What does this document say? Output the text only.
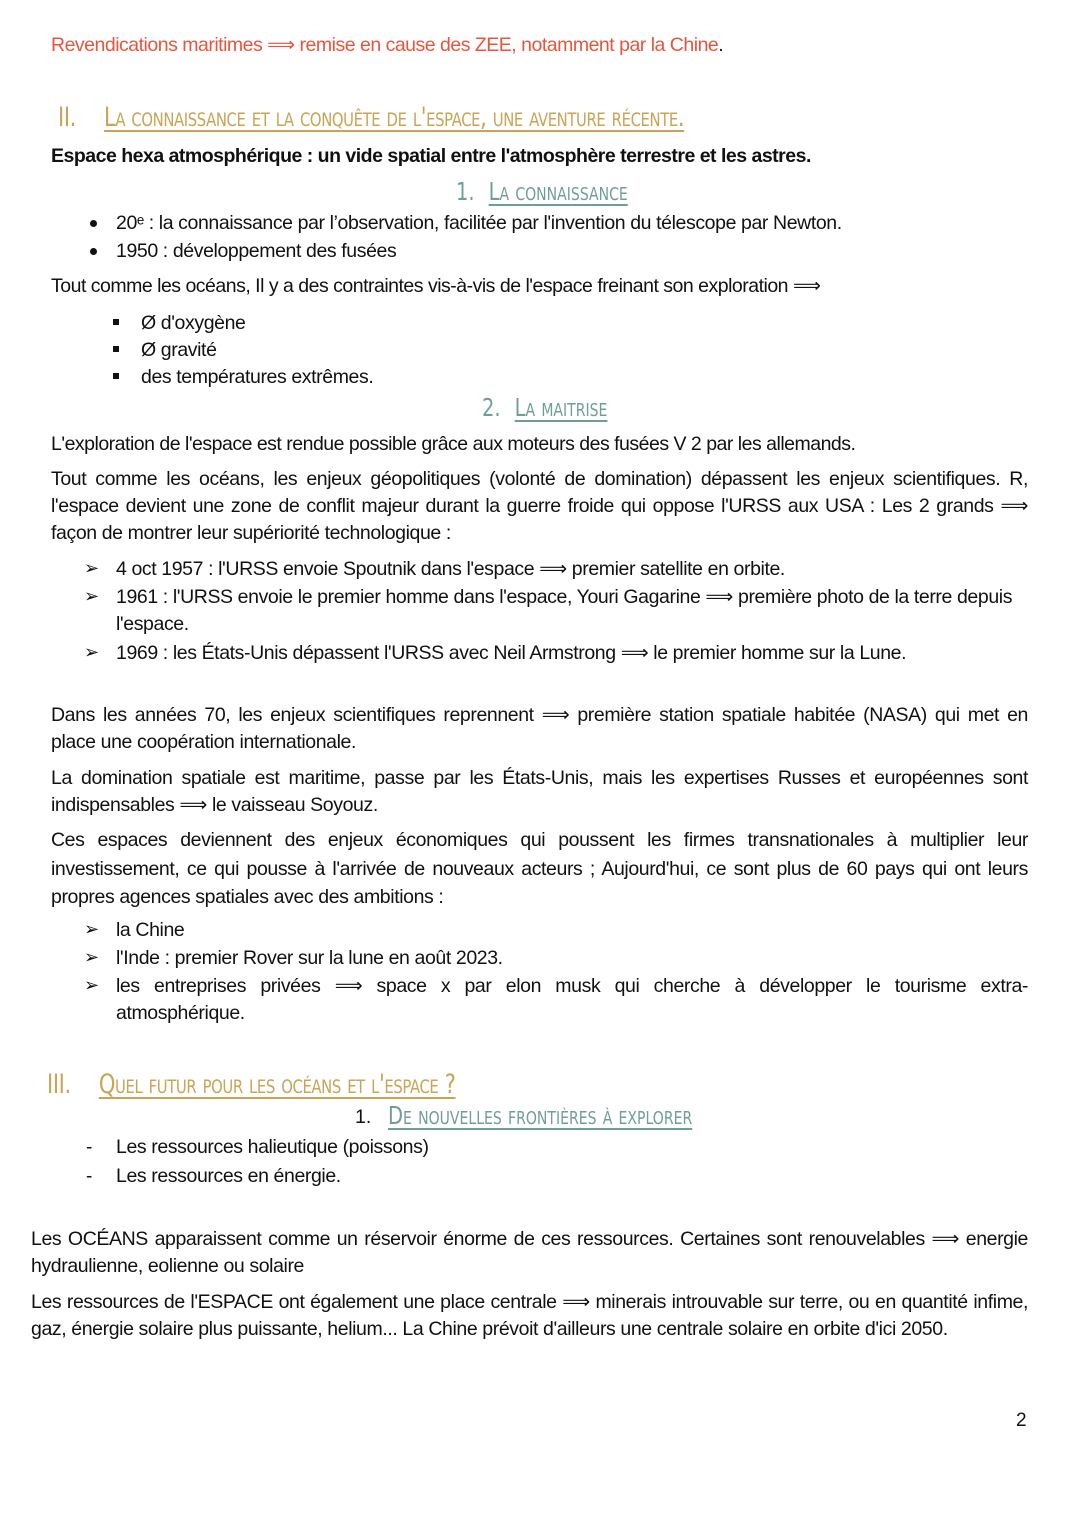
Revendications maritimes ⟹ remise en cause des ZEE, notamment par la Chine.
II. La connaissance et la conquête de l'espace, une aventure récente.
Espace hexa atmosphérique : un vide spatial entre l'atmosphère terrestre et les astres.
1. La connaissance
20ᵉ : la connaissance par l’observation, facilitée par l'invention du télescope par Newton.
1950 : développement des fusées
Tout comme les océans, Il y a des contraintes vis-à-vis de l'espace freinant son exploration ⟹
Ø d'oxygène
Ø gravité
des températures extrêmes.
2. La maitrise
L'exploration de l'espace est rendue possible grâce aux moteurs des fusées V 2 par les allemands.
Tout comme les océans, les enjeux géopolitiques (volonté de domination) dépassent les enjeux scientifiques. R, l'espace devient une zone de conflit majeur durant la guerre froide qui oppose l'URSS aux USA : Les 2 grands ⟹ façon de montrer leur supériorité technologique :
➢ 4 oct 1957 : l'URSS envoie Spoutnik dans l'espace ⟹ premier satellite en orbite.
➢ 1961 : l'URSS envoie le premier homme dans l'espace, Youri Gagarine ⟹ première photo de la terre depuis l'espace.
➢ 1969 : les États-Unis dépassent l'URSS avec Neil Armstrong ⟹ le premier homme sur la Lune.
Dans les années 70, les enjeux scientifiques reprennent ⟹ première station spatiale habitée (NASA) qui met en place une coopération internationale.
La domination spatiale est maritime, passe par les États-Unis, mais les expertises Russes et européennes sont indispensables ⟹ le vaisseau Soyouz.
Ces espaces deviennent des enjeux économiques qui poussent les firmes transnationales à multiplier leur investissement, ce qui pousse à l'arrivée de nouveaux acteurs ; Aujourd'hui, ce sont plus de 60 pays qui ont leurs propres agences spatiales avec des ambitions :
➢ la Chine
➢ l'Inde : premier Rover sur la lune en août 2023.
➢ les entreprises privées ⟹ space x par elon musk qui cherche à développer le tourisme extra-atmosphérique.
III. Quel futur pour les océans et l'espace ?
1. De nouvelles frontières à explorer
- Les ressources halieutique (poissons)
- Les ressources en énergie.
Les OCÉANS apparaissent comme un réservoir énorme de ces ressources. Certaines sont renouvelables ⟹ energie hydraulienne, eolienne ou solaire
Les ressources de l'ESPACE ont également une place centrale ⟹ minerais introuvable sur terre, ou en quantité infime, gaz, énergie solaire plus puissante, helium... La Chine prévoit d'ailleurs une centrale solaire en orbite d'ici 2050.
2
